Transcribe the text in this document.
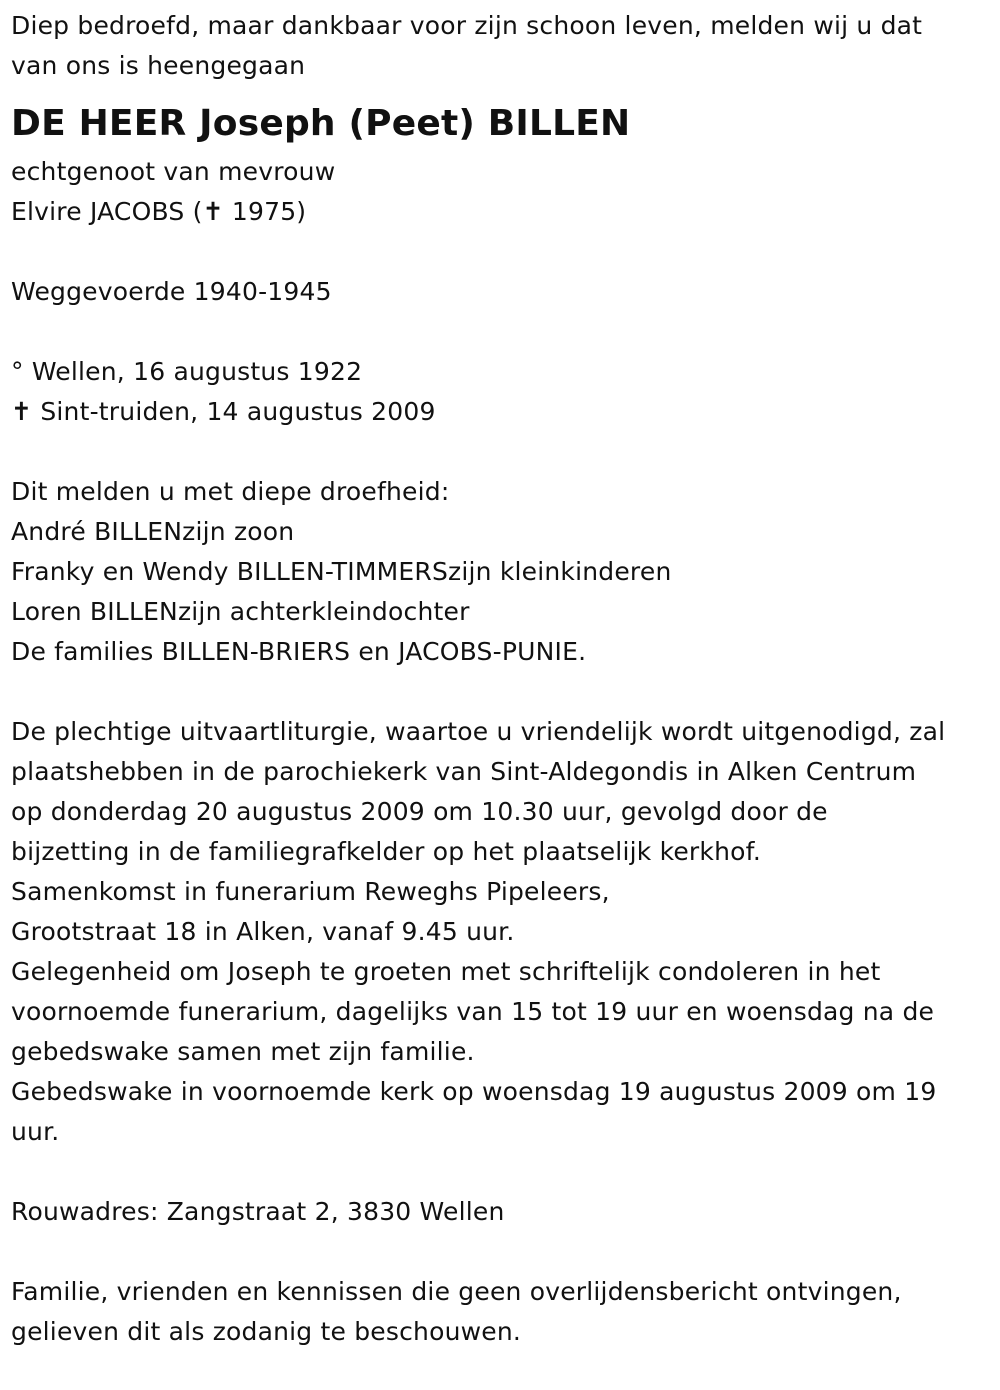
Diep bedroefd, maar dankbaar voor zijn schoon leven, melden wij u dat
van ons is heengegaan
DE HEER Joseph (Peet) BILLEN
echtgenoot van mevrouw
Elvire JACOBS (✝ 1975)
Weggevoerde 1940-1945
° Wellen, 16 augustus 1922
✝ Sint-truiden, 14 augustus 2009
Dit melden u met diepe droefheid:
André BILLENzijn zoon
Franky en Wendy BILLEN-TIMMERSzijn kleinkinderen
Loren BILLENzijn achterkleindochter
De families BILLEN-BRIERS en JACOBS-PUNIE.
De plechtige uitvaartliturgie, waartoe u vriendelijk wordt uitgenodigd, zal
plaatshebben in de parochiekerk van Sint-Aldegondis in Alken Centrum
op donderdag 20 augustus 2009 om 10.30 uur, gevolgd door de
bijzetting in de familiegrafkelder op het plaatselijk kerkhof.
Samenkomst in funerarium Reweghs Pipeleers,
Grootstraat 18 in Alken, vanaf 9.45 uur.
Gelegenheid om Joseph te groeten met schriftelijk condoleren in het
voornoemde funerarium, dagelijks van 15 tot 19 uur en woensdag na de
gebedswake samen met zijn familie.
Gebedswake in voornoemde kerk op woensdag 19 augustus 2009 om 19
uur.
Rouwadres: Zangstraat 2, 3830 Wellen
Familie, vrienden en kennissen die geen overlijdensbericht ontvingen,
gelieven dit als zodanig te beschouwen.
